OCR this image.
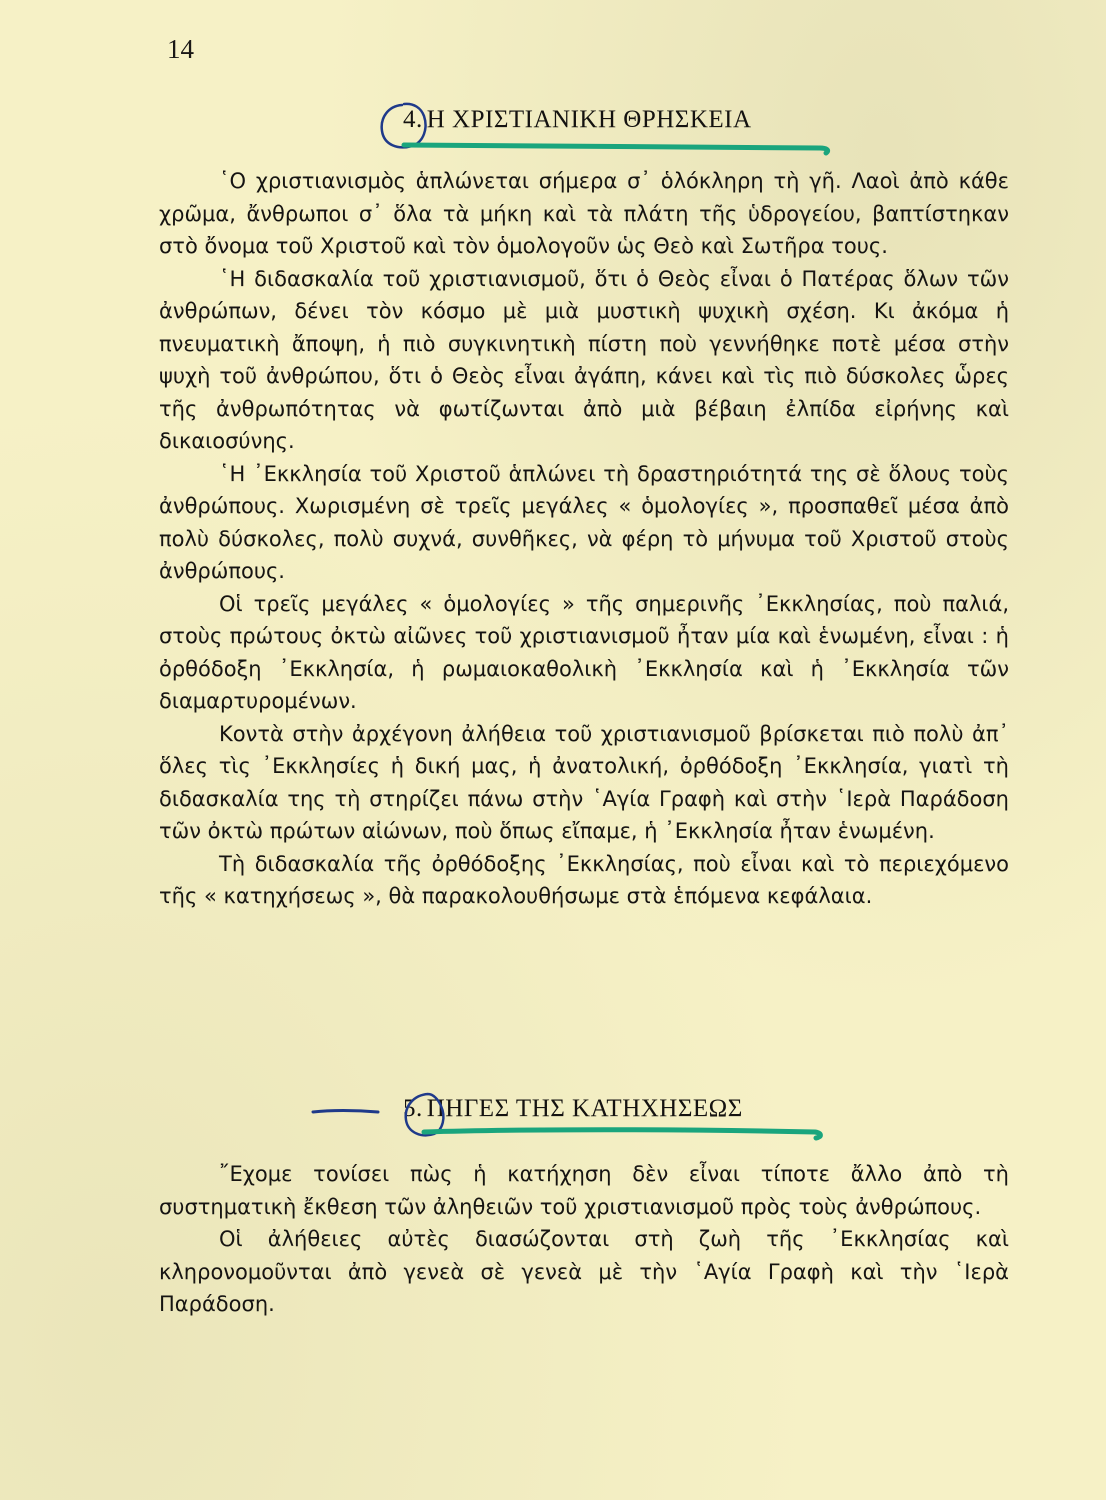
14
4. Η ΧΡΙΣΤΙΑΝΙΚΗ ΘΡΗΣΚΕΙΑ

῾Ο χριστιανισμὸς ἁπλώνεται σήμερα σ᾿ ὁλόκληρη τὴ γῆ. Λαοὶ ἀπὸ κάθε χρῶμα, ἄνθρωποι σ᾿ ὅλα τὰ μήκη καὶ τὰ πλάτη τῆς ὑδρογείου, βαπτίστηκαν στὸ ὄνομα τοῦ Χριστοῦ καὶ τὸν ὁμολογοῦν ὡς Θεὸ καὶ Σωτῆρα τους.

῾Η διδασκαλία τοῦ χριστιανισμοῦ, ὅτι ὁ Θεὸς εἶναι ὁ Πατέρας ὅλων τῶν ἀνθρώπων, δένει τὸν κόσμο μὲ μιὰ μυστικὴ ψυχικὴ σχέση. Κι ἀκόμα ἡ πνευματικὴ ἄποψη, ἡ πιὸ συγκινητικὴ πίστη ποὺ γεννήθηκε ποτὲ μέσα στὴν ψυχὴ τοῦ ἀνθρώπου, ὅτι ὁ Θεὸς εἶναι ἀγάπη, κάνει καὶ τὶς πιὸ δύσκολες ὧρες τῆς ἀνθρωπότητας νὰ φωτίζωνται ἀπὸ μιὰ βέβαιη ἐλπίδα εἰρήνης καὶ δικαιοσύνης.

῾Η ᾿Εκκλησία τοῦ Χριστοῦ ἁπλώνει τὴ δραστηριότητά της σὲ ὅλους τοὺς ἀνθρώπους. Χωρισμένη σὲ τρεῖς μεγάλες « ὁμολογίες », προσπαθεῖ μέσα ἀπὸ πολὺ δύσκολες, πολὺ συχνά, συνθῆκες, νὰ φέρη τὸ μήνυμα τοῦ Χριστοῦ στοὺς ἀνθρώπους.

Οἱ τρεῖς μεγάλες « ὁμολογίες » τῆς σημερινῆς ᾿Εκκλησίας, ποὺ παλιά, στοὺς πρώτους ὀκτὼ αἰῶνες τοῦ χριστιανισμοῦ ἦταν μία καὶ ἑνωμένη, εἶναι : ἡ ὀρθόδοξη ᾿Εκκλησία, ἡ ρωμαιοκαθολικὴ ᾿Εκκλησία καὶ ἡ ᾿Εκκλησία τῶν διαμαρτυρομένων.

Κοντὰ στὴν ἀρχέγονη ἀλήθεια τοῦ χριστιανισμοῦ βρίσκεται πιὸ πολὺ ἀπ᾿ ὅλες τὶς ᾿Εκκλησίες ἡ δική μας, ἡ ἀνατολική, ὀρθόδοξη ᾿Εκκλησία, γιατὶ τὴ διδασκαλία της τὴ στηρίζει πάνω στὴν ῾Αγία Γραφὴ καὶ στὴν ῾Ιερὰ Παράδοση τῶν ὀκτὼ πρώτων αἰώνων, ποὺ ὅπως εἴπαμε, ἡ ᾿Εκκλησία ἦταν ἑνωμένη.

Τὴ διδασκαλία τῆς ὀρθόδοξης ᾿Εκκλησίας, ποὺ εἶναι καὶ τὸ περιεχόμενο τῆς « κατηχήσεως », θὰ παρακολουθήσωμε στὰ ἑπόμενα κεφάλαια.

5. ΠΗΓΕΣ ΤΗΣ ΚΑΤΗΧΗΣΕΩΣ

῎Εχομε τονίσει πὼς ἡ κατήχηση δὲν εἶναι τίποτε ἄλλο ἀπὸ τὴ συστηματικὴ ἔκθεση τῶν ἀληθειῶν τοῦ χριστιανισμοῦ πρὸς τοὺς ἀνθρώπους.

Οἱ ἀλήθειες αὐτὲς διασώζονται στὴ ζωὴ τῆς ᾿Εκκλησίας καὶ κληρονομοῦνται ἀπὸ γενεὰ σὲ γενεὰ μὲ τὴν ῾Αγία Γραφὴ καὶ τὴν ῾Ιερὰ Παράδοση.
